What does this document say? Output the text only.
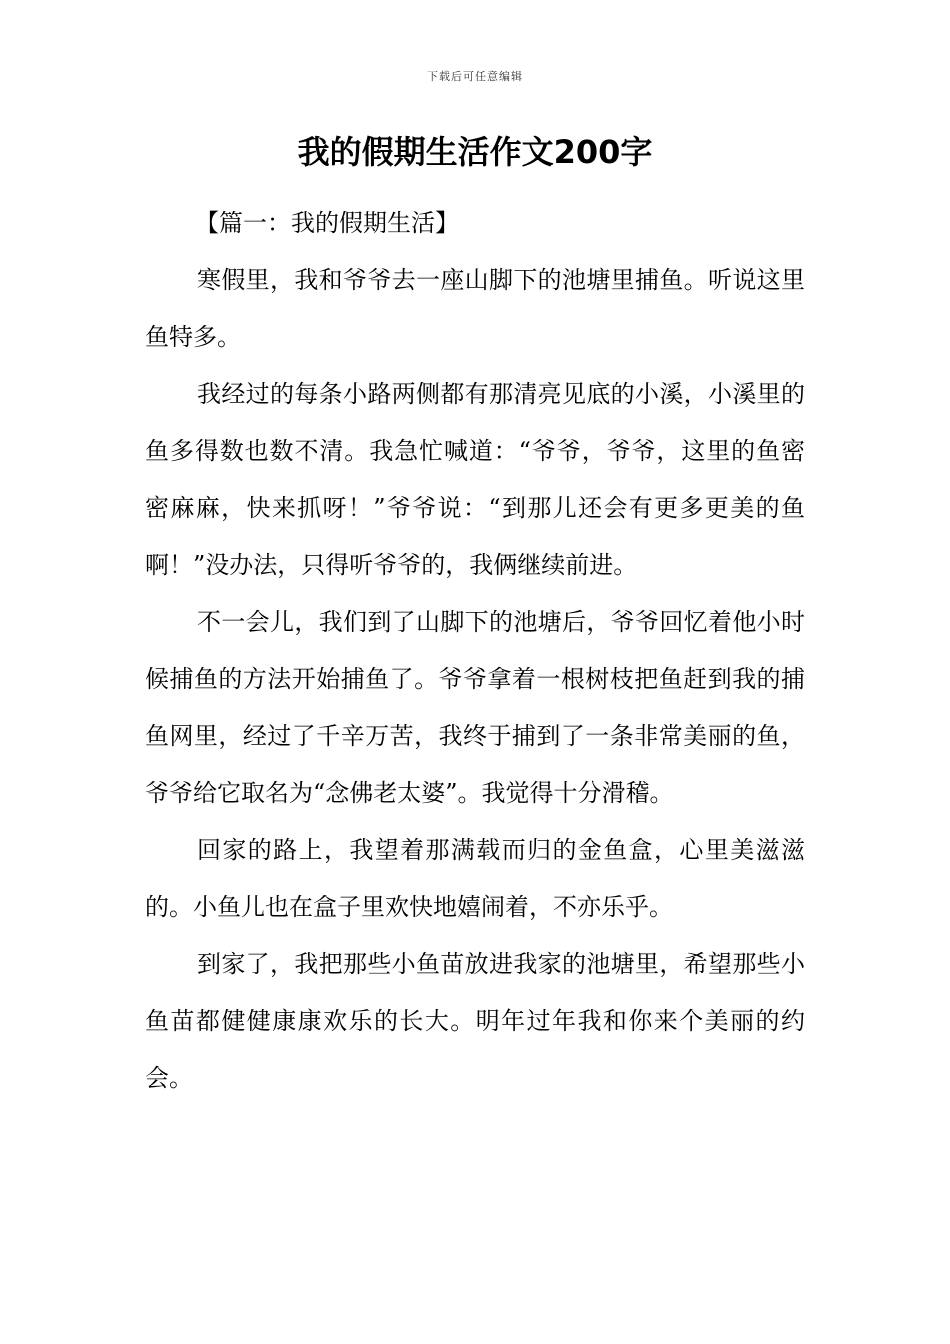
下载后可任意编辑
我的假期生活作文200字

【篇一：我的假期生活】

寒假里，我和爷爷去一座山脚下的池塘里捕鱼。听说这里鱼特多。

我经过的每条小路两侧都有那清亮见底的小溪，小溪里的鱼多得数也数不清。我急忙喊道：“爷爷，爷爷，这里的鱼密密麻麻，快来抓呀！”爷爷说：“到那儿还会有更多更美的鱼啊！”没办法，只得听爷爷的，我俩继续前进。

不一会儿，我们到了山脚下的池塘后，爷爷回忆着他小时候捕鱼的方法开始捕鱼了。爷爷拿着一根树枝把鱼赶到我的捕鱼网里，经过了千辛万苦，我终于捕到了一条非常美丽的鱼，爷爷给它取名为“念佛老太婆”。我觉得十分滑稽。

回家的路上，我望着那满载而归的金鱼盒，心里美滋滋的。小鱼儿也在盒子里欢快地嬉闹着，不亦乐乎。

到家了，我把那些小鱼苗放进我家的池塘里，希望那些小鱼苗都健健康康欢乐的长大。明年过年我和你来个美丽的约会。
